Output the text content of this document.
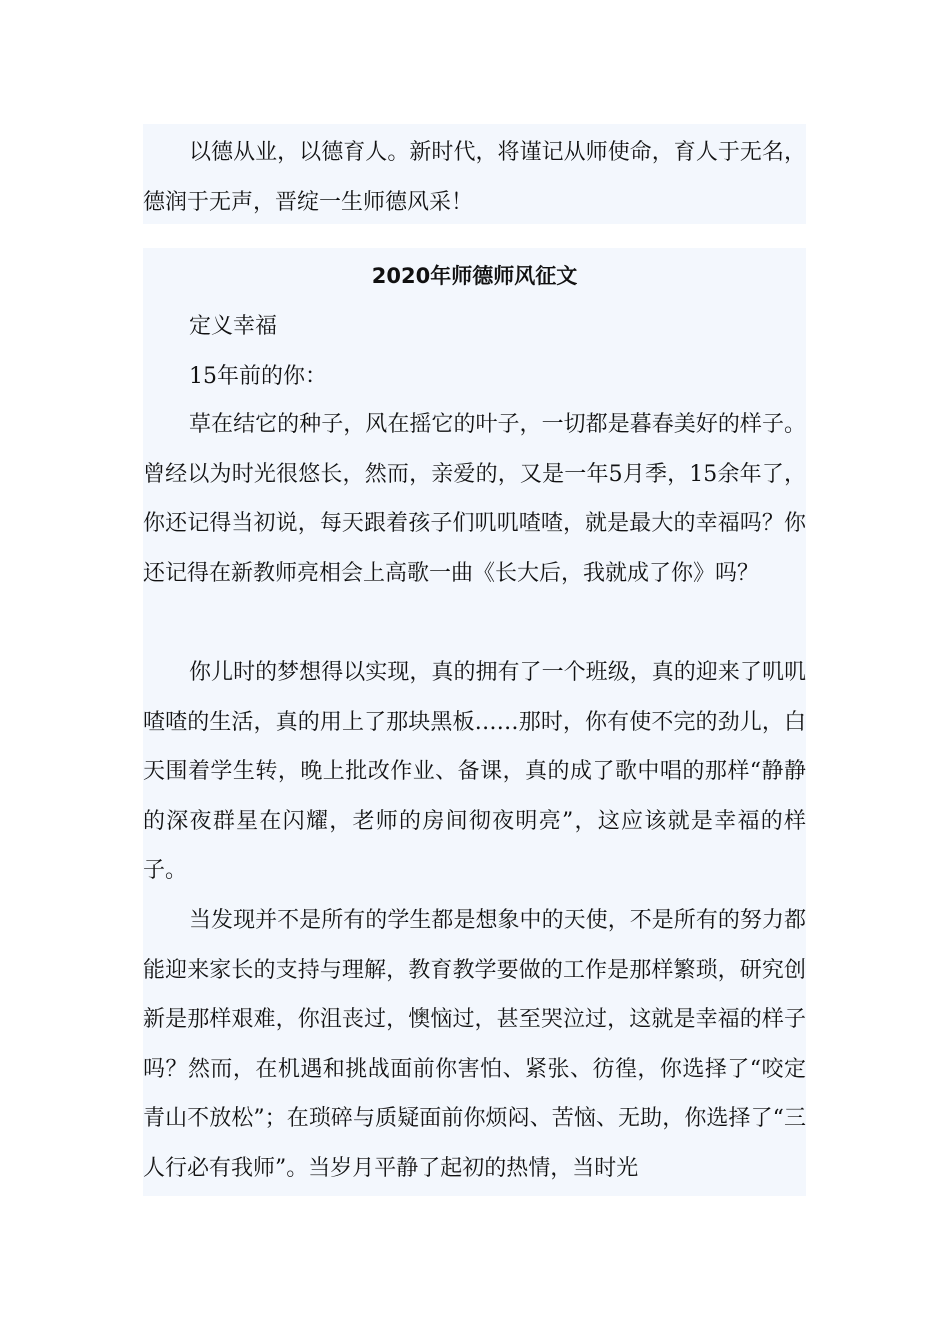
以德从业，以德育人。新时代，将谨记从师使命，育人于无名，德润于无声，晋绽一生师德风采！

2020年师德师风征文

定义幸福

15年前的你：

草在结它的种子，风在摇它的叶子，一切都是暮春美好的样子。曾经以为时光很悠长，然而，亲爱的，又是一年5月季，15余年了，你还记得当初说，每天跟着孩子们叽叽喳喳，就是最大的幸福吗？你还记得在新教师亮相会上高歌一曲《长大后，我就成了你》吗？

你儿时的梦想得以实现，真的拥有了一个班级，真的迎来了叽叽喳喳的生活，真的用上了那块黑板……那时，你有使不完的劲儿，白天围着学生转，晚上批改作业、备课，真的成了歌中唱的那样“静静的深夜群星在闪耀，老师的房间彻夜明亮”，这应该就是幸福的样子。

当发现并不是所有的学生都是想象中的天使，不是所有的努力都能迎来家长的支持与理解，教育教学要做的工作是那样繁琐，研究创新是那样艰难，你沮丧过，懊恼过，甚至哭泣过，这就是幸福的样子吗？然而，在机遇和挑战面前你害怕、紧张、彷徨，你选择了“咬定青山不放松”；在琐碎与质疑面前你烦闷、苦恼、无助，你选择了“三人行必有我师”。当岁月平静了起初的热情，当时光
